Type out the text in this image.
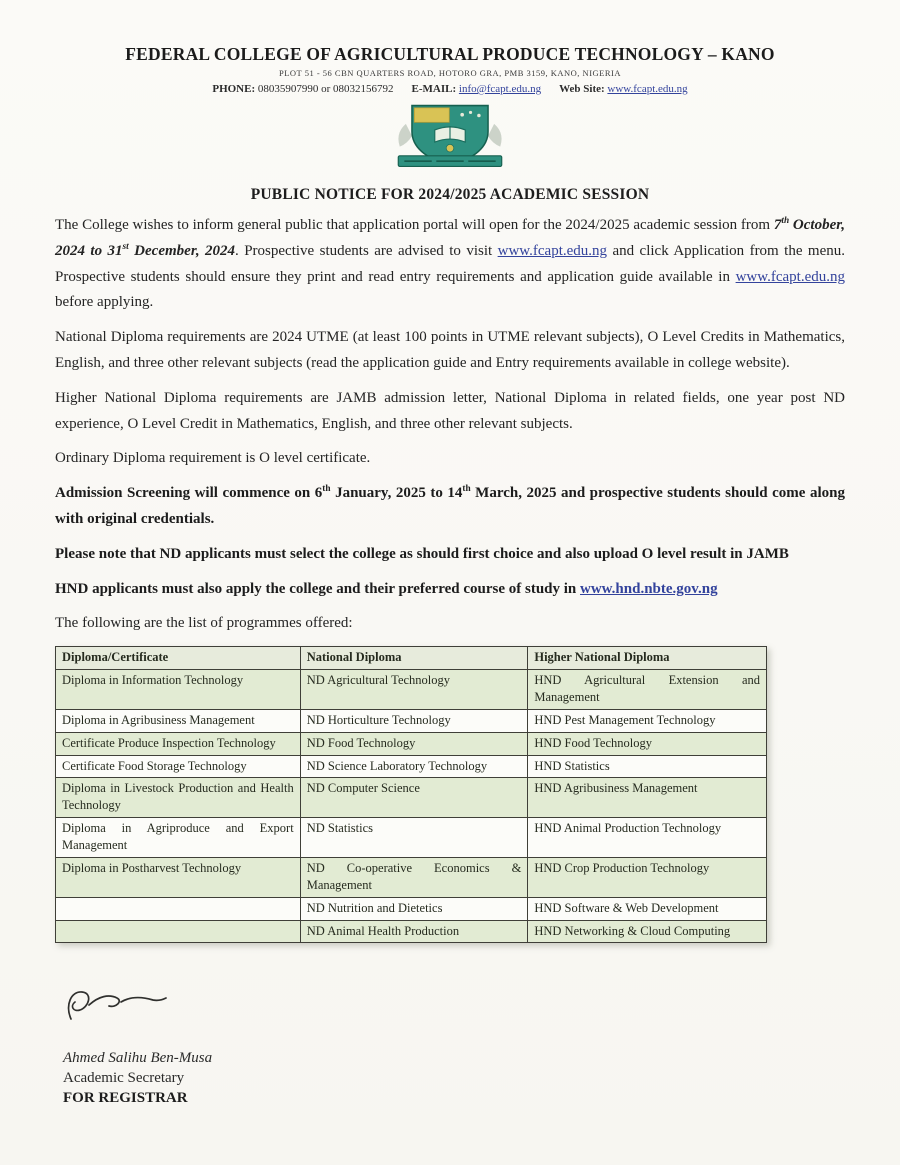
FEDERAL COLLEGE OF AGRICULTURAL PRODUCE TECHNOLOGY – KANO
PLOT 51 - 56 CBN QUARTERS ROAD, HOTORO GRA, PMB 3159, KANO, NIGERIA
PHONE: 08035907990 or 08032156792 E-MAIL: info@fcapt.edu.ng Web Site: www.fcapt.edu.ng
PUBLIC NOTICE FOR 2024/2025 ACADEMIC SESSION

The College wishes to inform general public that application portal will open for the 2024/2025 academic session from 7th October, 2024 to 31st December, 2024. Prospective students are advised to visit www.fcapt.edu.ng and click Application from the menu. Prospective students should ensure they print and read entry requirements and application guide available in www.fcapt.edu.ng before applying.

National Diploma requirements are 2024 UTME (at least 100 points in UTME relevant subjects), O Level Credits in Mathematics, English, and three other relevant subjects (read the application guide and Entry requirements available in college website).

Higher National Diploma requirements are JAMB admission letter, National Diploma in related fields, one year post ND experience, O Level Credit in Mathematics, English, and three other relevant subjects.

Ordinary Diploma requirement is O level certificate.

Admission Screening will commence on 6th January, 2025 to 14th March, 2025 and prospective students should come along with original credentials.

Please note that ND applicants must select the college as should first choice and also upload O level result in JAMB

HND applicants must also apply the college and their preferred course of study in www.hnd.nbte.gov.ng

The following are the list of programmes offered:

Diploma/Certificate	National Diploma	Higher National Diploma
Diploma in Information Technology	ND Agricultural Technology	HND Agricultural Extension and Management
Diploma in Agribusiness Management	ND Horticulture Technology	HND Pest Management Technology
Certificate Produce Inspection Technology	ND Food Technology	HND Food Technology
Certificate Food Storage Technology	ND Science Laboratory Technology	HND Statistics
Diploma in Livestock Production and Health Technology	ND Computer Science	HND Agribusiness Management
Diploma in Agriproduce and Export Management	ND Statistics	HND Animal Production Technology
Diploma in Postharvest Technology	ND Co-operative Economics & Management	HND Crop Production Technology
	ND Nutrition and Dietetics	HND Software & Web Development
	ND Animal Health Production	HND Networking & Cloud Computing
Ahmed Salihu Ben-Musa
Academic Secretary
FOR REGISTRAR
